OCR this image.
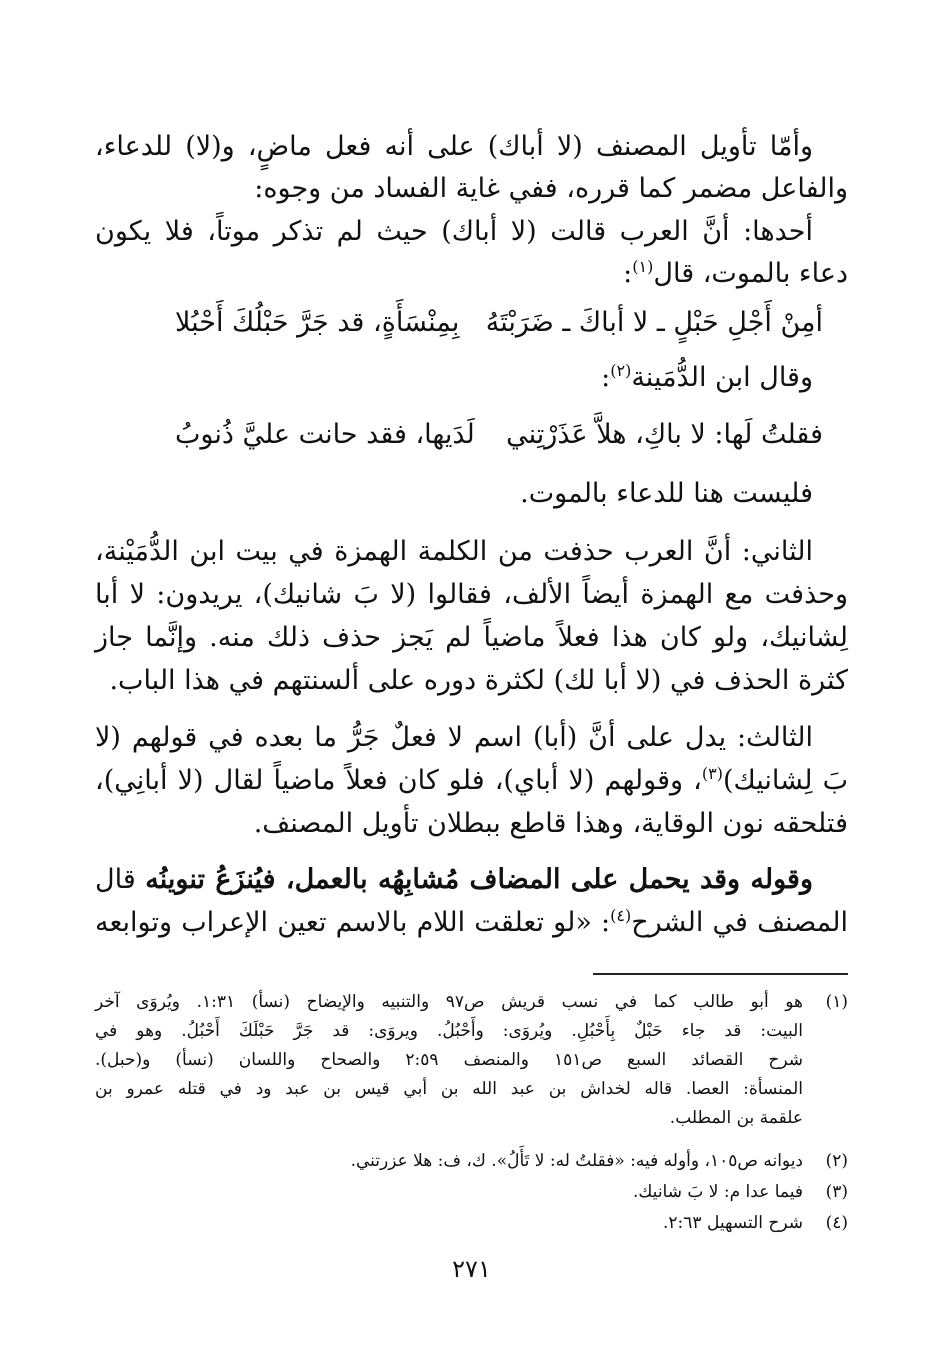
وأمّا تأويل المصنف (لا أباك) على أنه فعل ماضٍ، و(لا) للدعاء،
والفاعل مضمر كما قرره، ففي غاية الفساد من وجوه:
أحدها: أنَّ العرب قالت (لا أباك) حيث لم تذكر موتاً، فلا يكون
دعاء بالموت، قال$^{(١)}$:
أمِنْ أَجْلِ حَبْلٍ ـ لا أباكَ ـ ضَرَبْتَهُ
بِمِنْسَأَةٍ، قد جَرَّ حَبْلُكَ أَحْبُلا
وقال ابن الدُّمَينة$^{(٢)}$:
فقلتُ لَها: لا باكِ، هلاَّ عَذَرْتِني
لَدَيها، فقد حانت عليَّ ذُنوبُ
فليست هنا للدعاء بالموت.
الثاني: أنَّ العرب حذفت من الكلمة الهمزة في بيت ابن الدُّمَيْنة،
وحذفت مع الهمزة أيضاً الألف، فقالوا (لا بَ شانيك)، يريدون: لا أبا
لِشانيك، ولو كان هذا فعلاً ماضياً لم يَجز حذف ذلك منه. وإنَّما جاز
كثرة الحذف في (لا أبا لك) لكثرة دوره على ألسنتهم في هذا الباب.
الثالث: يدل على أنَّ (أبا) اسم لا فعلٌ جَرُّ ما بعده في قولهم (لا
بَ لِشانيك)$^{(٣)}$، وقولهم (لا أباي)، فلو كان فعلاً ماضياً لقال (لا أبانِي)،
فتلحقه نون الوقاية، وهذا قاطع ببطلان تأويل المصنف.
وقوله وقد يحمل على المضاف مُشابِهُه بالعمل، فيُنزَعُ تنوينُه قال
المصنف في الشرح$^{(٤)}$: «لو تعلقت اللام بالاسم تعين الإعراب وتوابعه
(١)
هو أبو طالب كما في نسب قريش ص٩٧ والتنبيه والإيضاح (نسأ) ١:٣١. ويُروَى آخر
البيت: قد جاء حَبْلٌ بِأَحْبُلِ. ويُروَى: وأَحْبُلُ. ويروَى: قد جَرَّ حَبْلَكَ أَحْبُلُ. وهو في
شرح القصائد السبع ص١٥١ والمنصف ٢:٥٩ والصحاح واللسان (نسأ) و(حبل).
المنسأة: العصا. قاله لخداش بن عبد الله بن أبي قيس بن عبد ود في قتله عمرو بن
علقمة بن المطلب.
(٢)
ديوانه ص١٠٥، وأوله فيه: «فقلتُ له: لا تَأَلُ». ك، ف: هلا عزرتني.
(٣)
فيما عدا م: لا بَ شانيك.
(٤)
شرح التسهيل ٢:٦٣.
٢٧١
